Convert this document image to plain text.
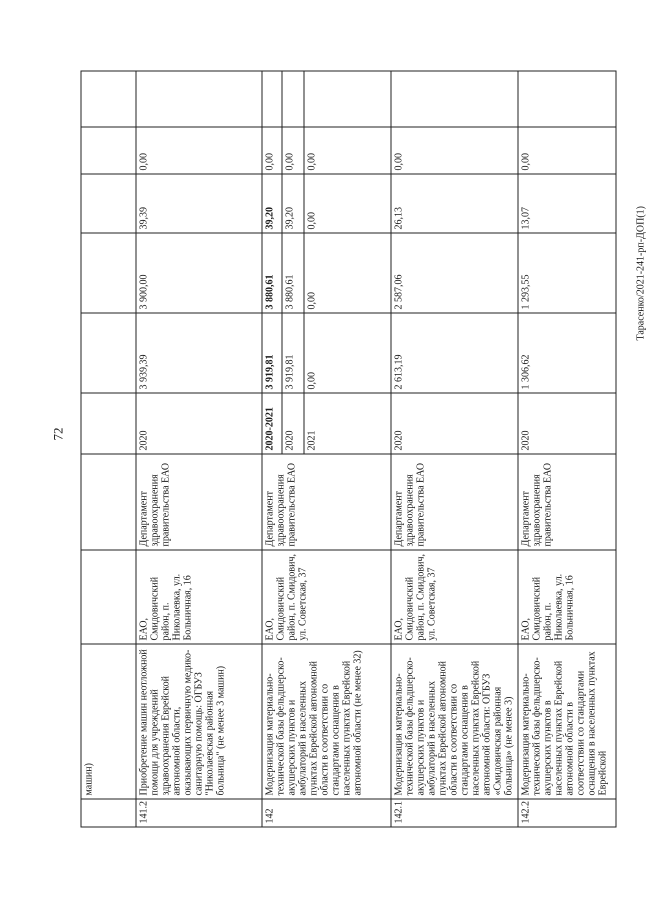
72
Тарасенко/2021-241-рп-ДОП(1)
	машин)								
141.2	Приобретение машин неотложной помощи для учреждений здравоохранения Еврейской автономной области, оказывающих первичную медико-санитарную помощь: ОГБУЗ "Николаевская районная больница" (не менее 3 машин)	ЕАО, Смидовичский район, п. Николаевка, ул. Больничная, 16	Департамент здравоохранения правительства ЕАО	2020	3 939,39	3 900,00	39,39	0,00	
142	Модернизация материально-технической базы фельдшерско-акушерских пунктов и амбулаторий в населенных пунктах Еврейской автономной области в соответствии со стандартами оснащения в населенных пунктах Еврейской автономной области (не менее 32)	ЕАО, Смидовичский район, п. Смидович, ул. Советская, 37	Департамент здравоохранения правительства ЕАО	2020-2021	3 919,81	3 880,61	39,20	0,00	
				2020	3 919,81	3 880,61	39,20	0,00	
				2021	0,00	0,00	0,00	0,00	
142.1	Модернизация материально-технической базы фельдшерско-акушерских пунктов и амбулаторий в населенных пунктах Еврейской автономной области в соответствии со стандартами оснащения в населенных пунктах Еврейской автономной области: ОГБУЗ «Смидовичская районная больница» (не менее 3)	ЕАО, Смидовичский район, п. Смидович, ул. Советская, 37	Департамент здравоохранения правительства ЕАО	2020	2 613,19	2 587,06	26,13	0,00	
142.2	Модернизация материально-технической базы фельдшерско-акушерских пунктов в населенных пунктах Еврейской автономной области в соответствии со стандартами оснащения в населенных пунктах Еврейской	ЕАО, Смидовичский район, п. Николаевка, ул. Больничная, 16	Департамент здравоохранения правительства ЕАО	2020	1 306,62	1 293,55	13,07	0,00	
